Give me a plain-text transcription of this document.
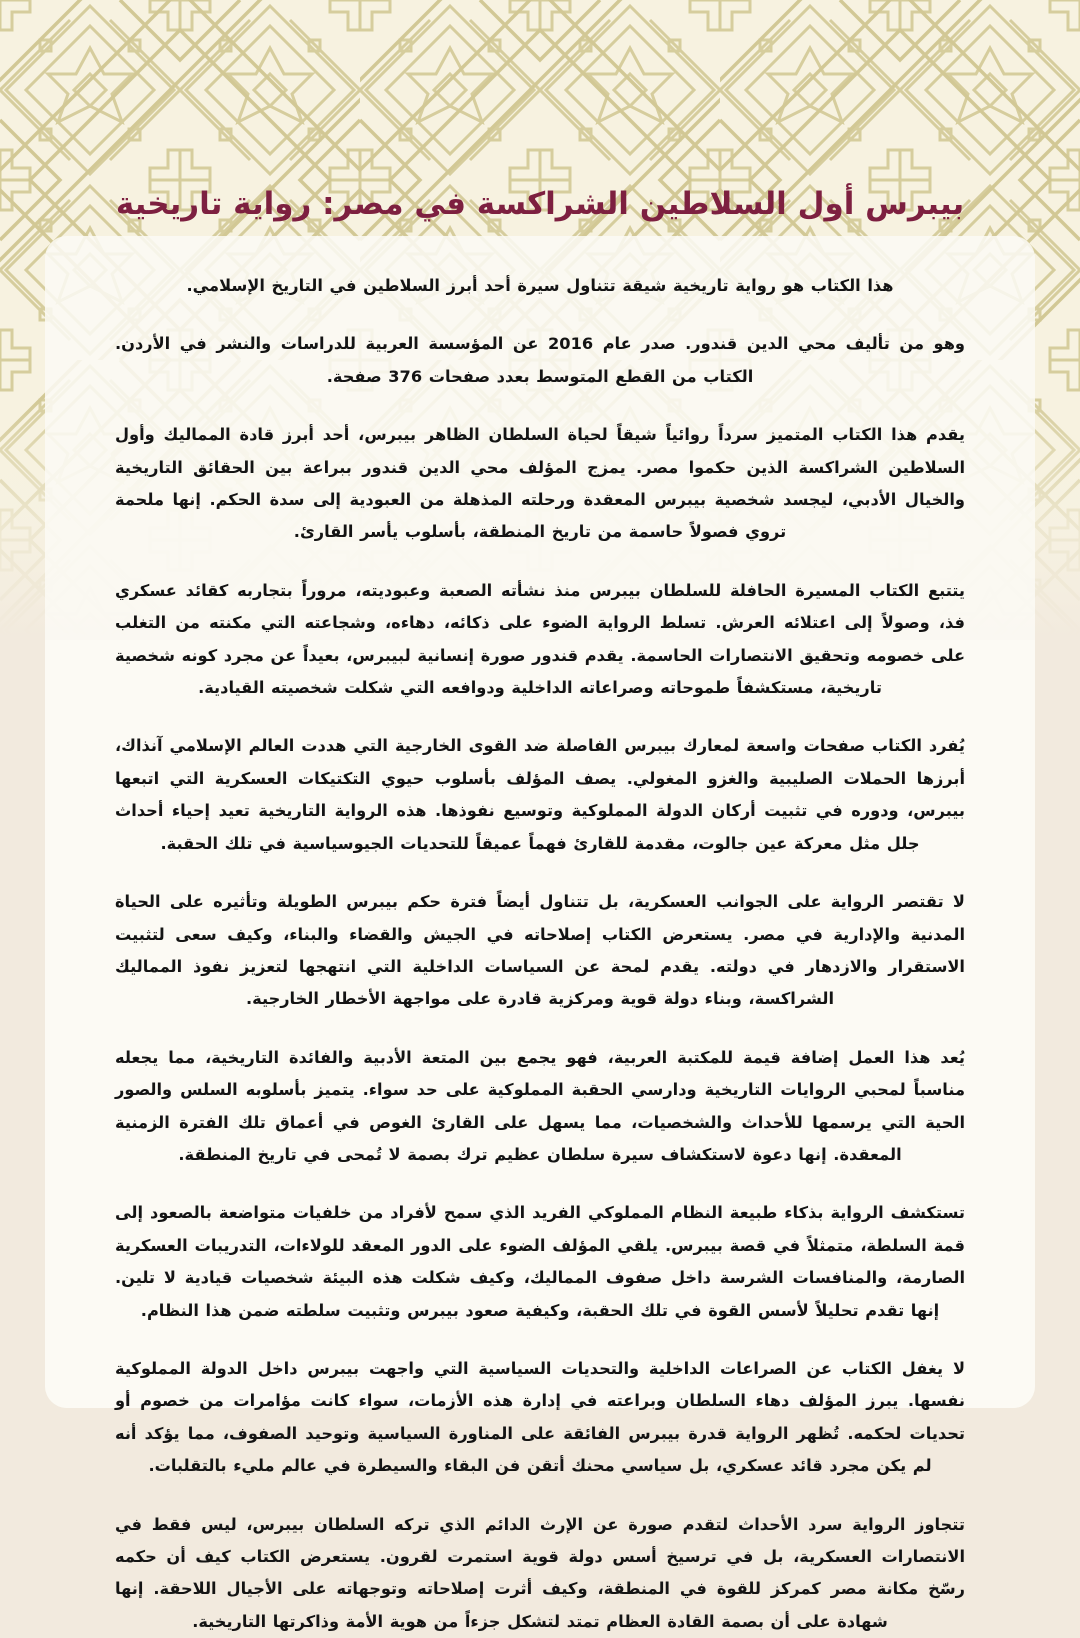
بيبرس أول السلاطين الشراكسة في مصر: رواية تاريخية

هذا الكتاب هو رواية تاريخية شيقة تتناول سيرة أحد أبرز السلاطين في التاريخ الإسلامي.

وهو من تأليف محي الدين قندور. صدر عام 2016 عن المؤسسة العربية للدراسات والنشر في الأردن. الكتاب من القطع المتوسط بعدد صفحات 376 صفحة.

يقدم هذا الكتاب المتميز سرداً روائياً شيقاً لحياة السلطان الظاهر بيبرس، أحد أبرز قادة المماليك وأول السلاطين الشراكسة الذين حكموا مصر. يمزج المؤلف محي الدين قندور ببراعة بين الحقائق التاريخية والخيال الأدبي، ليجسد شخصية بيبرس المعقدة ورحلته المذهلة من العبودية إلى سدة الحكم. إنها ملحمة تروي فصولاً حاسمة من تاريخ المنطقة، بأسلوب يأسر القارئ.

يتتبع الكتاب المسيرة الحافلة للسلطان بيبرس منذ نشأته الصعبة وعبوديته، مروراً بتجاربه كقائد عسكري فذ، وصولاً إلى اعتلائه العرش. تسلط الرواية الضوء على ذكائه، دهاءه، وشجاعته التي مكنته من التغلب على خصومه وتحقيق الانتصارات الحاسمة. يقدم قندور صورة إنسانية لبيبرس، بعيداً عن مجرد كونه شخصية تاريخية، مستكشفاً طموحاته وصراعاته الداخلية ودوافعه التي شكلت شخصيته القيادية.

يُفرد الكتاب صفحات واسعة لمعارك بيبرس الفاصلة ضد القوى الخارجية التي هددت العالم الإسلامي آنذاك، أبرزها الحملات الصليبية والغزو المغولي. يصف المؤلف بأسلوب حيوي التكتيكات العسكرية التي اتبعها بيبرس، ودوره في تثبيت أركان الدولة المملوكية وتوسيع نفوذها. هذه الرواية التاريخية تعيد إحياء أحداث جلل مثل معركة عين جالوت، مقدمة للقارئ فهماً عميقاً للتحديات الجيوسياسية في تلك الحقبة.

لا تقتصر الرواية على الجوانب العسكرية، بل تتناول أيضاً فترة حكم بيبرس الطويلة وتأثيره على الحياة المدنية والإدارية في مصر. يستعرض الكتاب إصلاحاته في الجيش والقضاء والبناء، وكيف سعى لتثبيت الاستقرار والازدهار في دولته. يقدم لمحة عن السياسات الداخلية التي انتهجها لتعزيز نفوذ المماليك الشراكسة، وبناء دولة قوية ومركزية قادرة على مواجهة الأخطار الخارجية.

يُعد هذا العمل إضافة قيمة للمكتبة العربية، فهو يجمع بين المتعة الأدبية والفائدة التاريخية، مما يجعله مناسباً لمحبي الروايات التاريخية ودارسي الحقبة المملوكية على حد سواء. يتميز بأسلوبه السلس والصور الحية التي يرسمها للأحداث والشخصيات، مما يسهل على القارئ الغوص في أعماق تلك الفترة الزمنية المعقدة. إنها دعوة لاستكشاف سيرة سلطان عظيم ترك بصمة لا تُمحى في تاريخ المنطقة.

تستكشف الرواية بذكاء طبيعة النظام المملوكي الفريد الذي سمح لأفراد من خلفيات متواضعة بالصعود إلى قمة السلطة، متمثلاً في قصة بيبرس. يلقي المؤلف الضوء على الدور المعقد للولاءات، التدريبات العسكرية الصارمة، والمنافسات الشرسة داخل صفوف المماليك، وكيف شكلت هذه البيئة شخصيات قيادية لا تلين. إنها تقدم تحليلاً لأسس القوة في تلك الحقبة، وكيفية صعود بيبرس وتثبيت سلطته ضمن هذا النظام.

لا يغفل الكتاب عن الصراعات الداخلية والتحديات السياسية التي واجهت بيبرس داخل الدولة المملوكية نفسها. يبرز المؤلف دهاء السلطان وبراعته في إدارة هذه الأزمات، سواء كانت مؤامرات من خصوم أو تحديات لحكمه. تُظهر الرواية قدرة بيبرس الفائقة على المناورة السياسية وتوحيد الصفوف، مما يؤكد أنه لم يكن مجرد قائد عسكري، بل سياسي محنك أتقن فن البقاء والسيطرة في عالم مليء بالتقلبات.

تتجاوز الرواية سرد الأحداث لتقدم صورة عن الإرث الدائم الذي تركه السلطان بيبرس، ليس فقط في الانتصارات العسكرية، بل في ترسيخ أسس دولة قوية استمرت لقرون. يستعرض الكتاب كيف أن حكمه رسّخ مكانة مصر كمركز للقوة في المنطقة، وكيف أثرت إصلاحاته وتوجهاته على الأجيال اللاحقة. إنها شهادة على أن بصمة القادة العظام تمتد لتشكل جزءاً من هوية الأمة وذاكرتها التاريخية.
